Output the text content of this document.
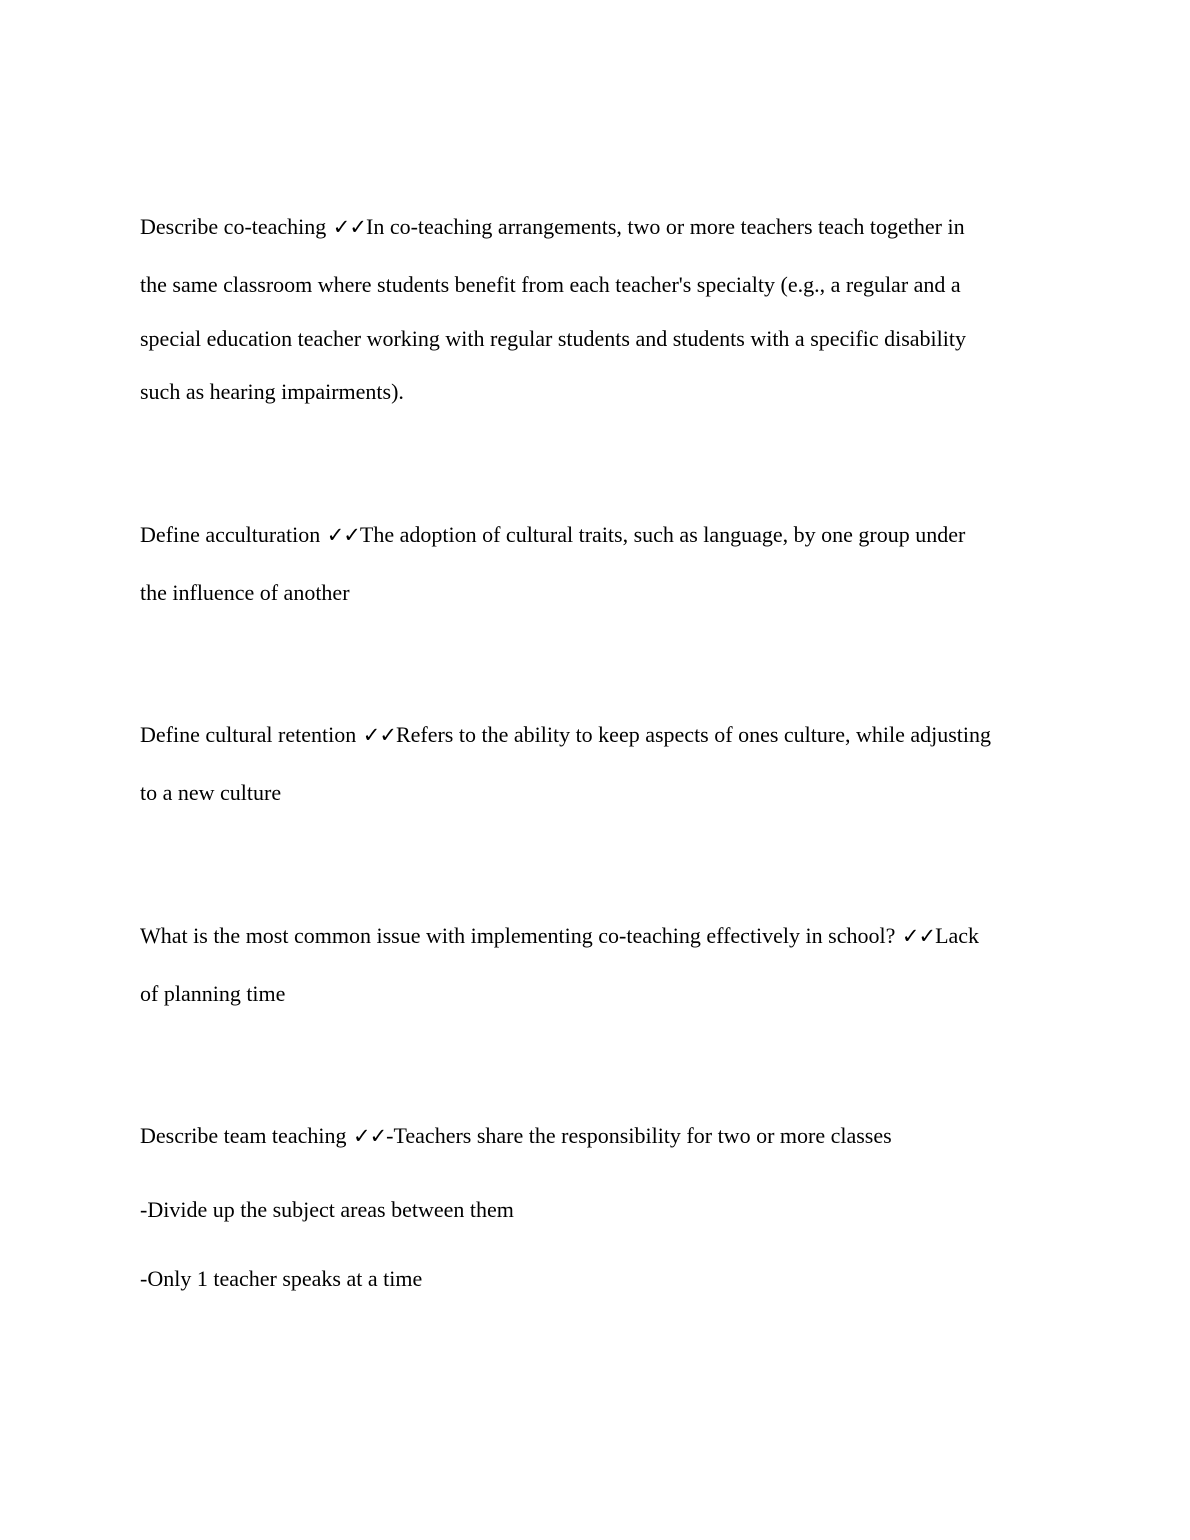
Describe co-teaching ✓✓In co-teaching arrangements, two or more teachers teach together in
the same classroom where students benefit from each teacher's specialty (e.g., a regular and a
special education teacher working with regular students and students with a specific disability
such as hearing impairments).
Define acculturation ✓✓The adoption of cultural traits, such as language, by one group under
the influence of another
Define cultural retention ✓✓Refers to the ability to keep aspects of ones culture, while adjusting
to a new culture
What is the most common issue with implementing co-teaching effectively in school? ✓✓Lack
of planning time
Describe team teaching ✓✓-Teachers share the responsibility for two or more classes
-Divide up the subject areas between them
-Only 1 teacher speaks at a time
